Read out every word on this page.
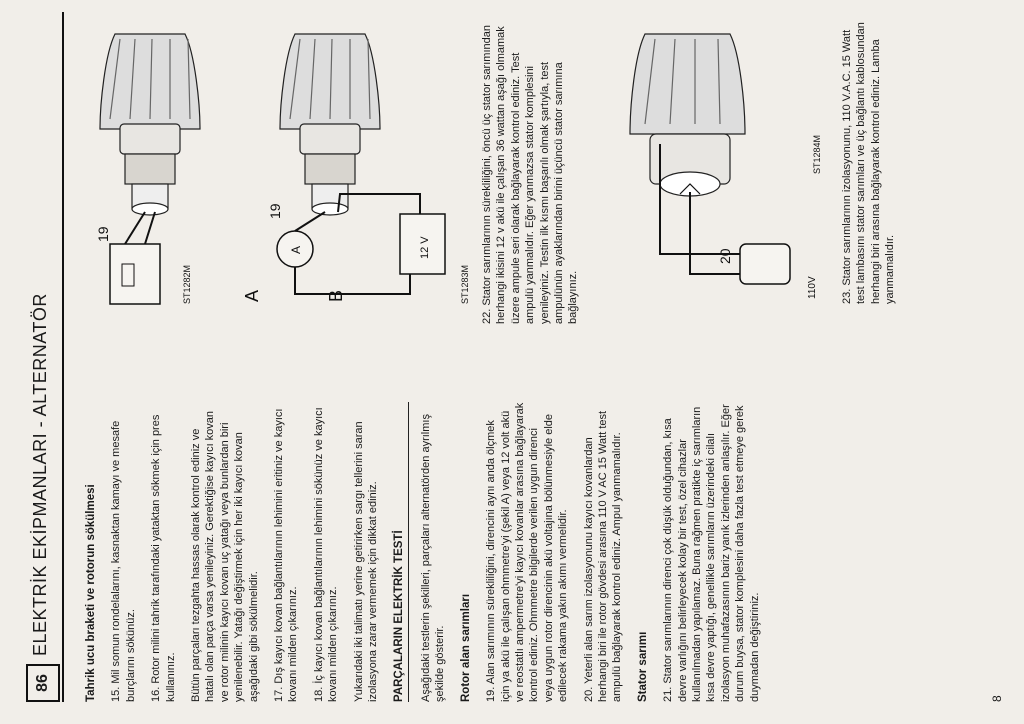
86
ELEKTRİK EKİPMANLARI - ALTERNATÖR	Tahrik ucu braketi ve rotorun sökülmesi 15. Mil somun rondelalarını, kasnaktan kamayı ve mesafe burçlarını sökünüz. 16. Rotor milini tahrik tarafındaki yataktan sökmek için pres kullanınız. Bütün parçaları tezgahta hassas olarak kontrol ediniz ve hatalı olan parça varsa yenileyiniz. Gerektiğise kayıcı kovan ve rotor milinin kayıcı kovan uç yatağı veya bunlardan biri yenilenebilir. Yatağı değiştirmek için her iki kayıcı kovan aşağıdaki gibi sökülmelidir. 17. Dış kayıcı kovan bağlantılarının lehimini eritiniz ve kayıcı kovanı milden çıkarınız. 18. İç kayıcı kovan bağlantılarının lehimini sökünüz ve kayıcı kovanı milden çıkarınız. Yukarıdaki iki talimatı yerine getirirken sargı tellerini saran izolasyona zarar vermemek için dikkat ediniz. PARÇALARIN ELEKTRİK TESTİ Aşağıdaki testlerin şekilleri, parçaları alternatörden ayrılmış şekilde gösterir. Rotor alan sarımları 19. Alan sarımının sürekliliğini, direncini aynı anda ölçmek için ya akü ile çalışan ohmmetre'yi (şekil A) veya 12 volt akü ve reostatlı ampermetre'yi kayıcı kovanlar arasına bağlayarak kontrol ediniz. Ohmmetre bilgilerde verilen uygun direnci veya uygun rotor direncinin akü voltajına bölünmesiyle elde edilecek rakama yakın akımı vermelidir. 20. Yeterli alan sarım izolasyonunu kayıcı kovanlardan herhangi biri ile rotor gövdesi arasına 110 V AC 15 Watt test ampulü bağlayarak kontrol ediniz. Ampul yanmamalıdır. Stator sarımı 21. Stator sarımlarının direnci çok düşük olduğundan, kısa devre varlığını belirleyecek kolay bir test, özel cihazlar kullanılmadan yapılamaz. Buna rağmen pratikte iç sarımların kısa devre yaptığı, genellikle sarımların üzerindeki cilalı izolasyon muhafazasının bariz yanık izlerinden anlaşılır. Eğer durum buysa, stator komplesini daha fazla test etmeye gerek duymadan değiştiriniz.

19
A
ST1282M
A	12 V
19
B	ST1283M 22. Stator sarımlarının sürekliliğini, öncü üç stator sarımından herhangi ikisini 12 v akü ile çalışan 36 wattan aşağı olmamak üzere ampule seri olarak bağlayarak kontrol ediniz. Test ampulü yanmalıdır. Eğer yanmazsa stator komplesini yenileyiniz. Testin ilk kısmı başarılı olmak şartıyla, test ampulünün ayaklarından birini üçüncü stator sarımına bağlayınız.

20
110V
ST1284M 23. Stator sarımlarının izolasyonunu, 110 V.A.C. 15 Watt test lambasını stator sarımları ve üç bağlantı kablosundan herhangi biri arasına bağlayarak kontrol ediniz. Lamba yanmamalıdır.

8
